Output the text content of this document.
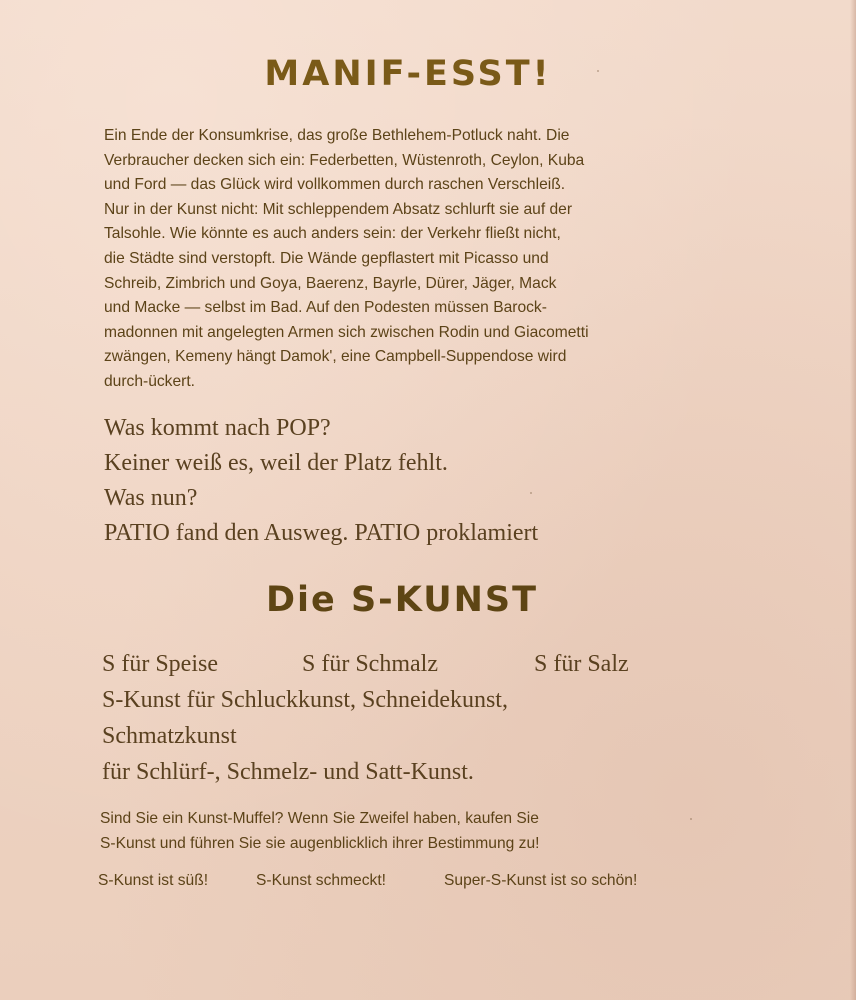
MANIF-ESST!
Ein Ende der Konsumkrise, das große Bethlehem-Potluck naht. Die
Verbraucher decken sich ein: Federbetten, Wüstenroth, Ceylon, Kuba
und Ford — das Glück wird vollkommen durch raschen Verschleiß.
Nur in der Kunst nicht: Mit schleppendem Absatz schlurft sie auf der
Talsohle. Wie könnte es auch anders sein: der Verkehr fließt nicht,
die Städte sind verstopft. Die Wände gepflastert mit Picasso und
Schreib, Zimbrich und Goya, Baerenz, Bayrle, Dürer, Jäger, Mack
und Macke — selbst im Bad. Auf den Podesten müssen Barock-
madonnen mit angelegten Armen sich zwischen Rodin und Giacometti
zwängen, Kemeny hängt Damok', eine Campbell-Suppendose wird
durch-ückert.
Was kommt nach POP?
Keiner weiß es, weil der Platz fehlt.
Was nun?
PATIO fand den Ausweg. PATIO proklamiert
Die S-KUNST
S für Speise	S für Schmalz	S für Salz
S-Kunst für Schluckkunst, Schneidekunst,
Schmatzkunst
für Schlürf-, Schmelz- und Satt-Kunst.
Sind Sie ein Kunst-Muffel? Wenn Sie Zweifel haben, kaufen Sie
S-Kunst und führen Sie sie augenblicklich ihrer Bestimmung zu!
S-Kunst ist süß!	S-Kunst schmeckt!	Super-S-Kunst ist so schön!
